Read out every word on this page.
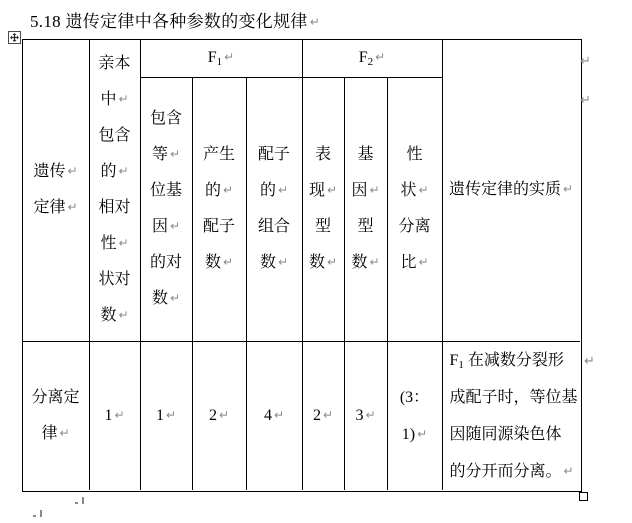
5.18 遗传定律中各种参数的变化规律 ↵
遗传 ↵
定律 ↵
亲本
中 ↵
包含
的 ↵
相对
性 ↵
状对
数 ↵
$F_1$ ↵	$F_2$ ↵
遗传定律的实质 ↵
包含
等 ↵
位基
因 ↵
的对
数 ↵
产生
的 ↵
配子
数 ↵
配子
的 ↵
组合
数 ↵
表
现 ↵
型
数 ↵
基
因 ↵
型
数 ↵
性
状 ↵
分离
比 ↵
分离定
律 ↵
1 ↵ 1 ↵ 2 ↵ 4 ↵ 2 ↵ 3 ↵
(3：
1) ↵
$F_1$ 在减数分裂形
成配子时，等位基
因随同源染色体
的分开而分离。 ↵
↵
↵
↵
